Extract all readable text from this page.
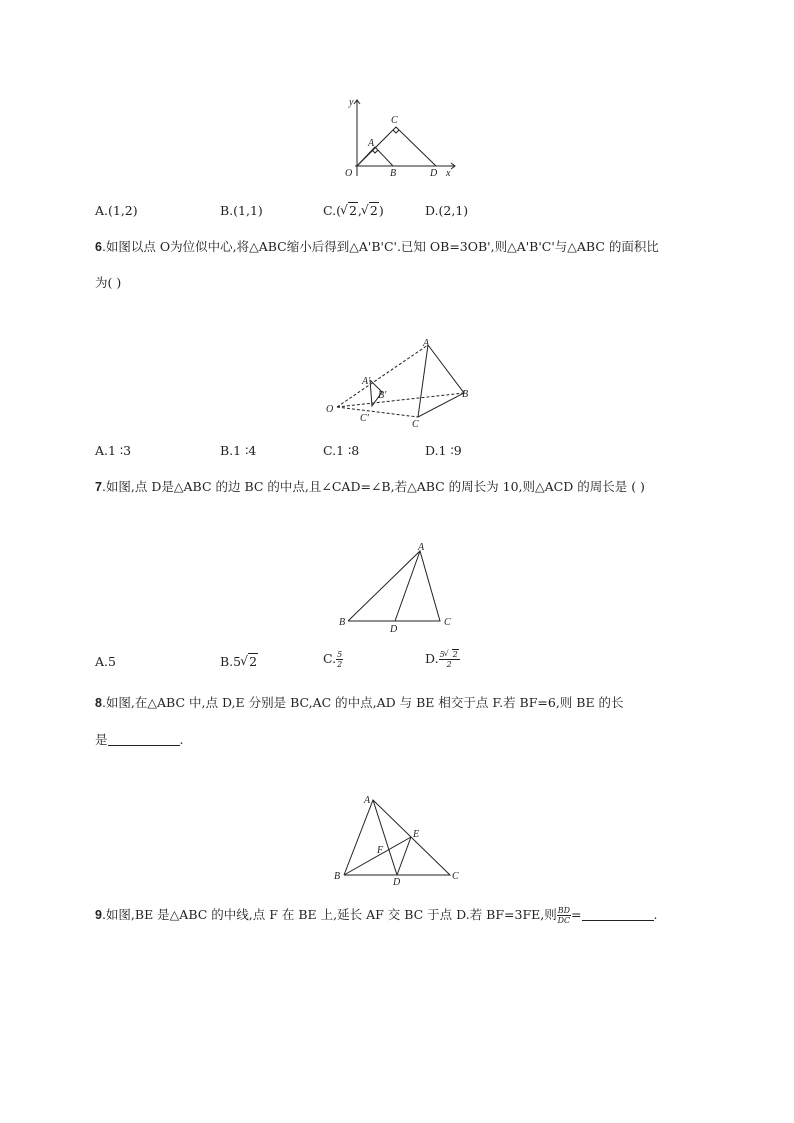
y
x
O
A
B
C
D
A.(1,2)	B.(1,1)	C.( √ 2, √ 2)	D.(2,1)
6.如图以点 O为位似中心,将△ABC缩小后得到△A'B'C'.已知 OB=3OB',则△A'B'C'与△ABC 的面积比
为( )
A
B
C
O
A'
B'
C'
A.1 ∶3	B.1 ∶4	C.1 ∶8	D.1 ∶9
7.如图,点 D是△ABC 的边 BC 的中点,且∠CAD=∠B,若△ABC 的周长为 10,则△ACD 的周长是 ( )
A
B	C
D
A.5	B.5 √ 2	C. $\frac{5}{2}$	D. $\frac{5 √ 2}{2}$
8.如图,在△ABC 中,点 D,E 分别是 BC,AC 的中点,AD 与 BE 相交于点 F.若 BF=6,则 BE 的长
是	.
A
B	C
D
E
F
9.如图,BE 是△ABC 的中线,点 F 在 BE 上,延长 AF 交 BC 于点 D.若 BF=3FE,则 $\frac{BD}{DC}$ =	.
